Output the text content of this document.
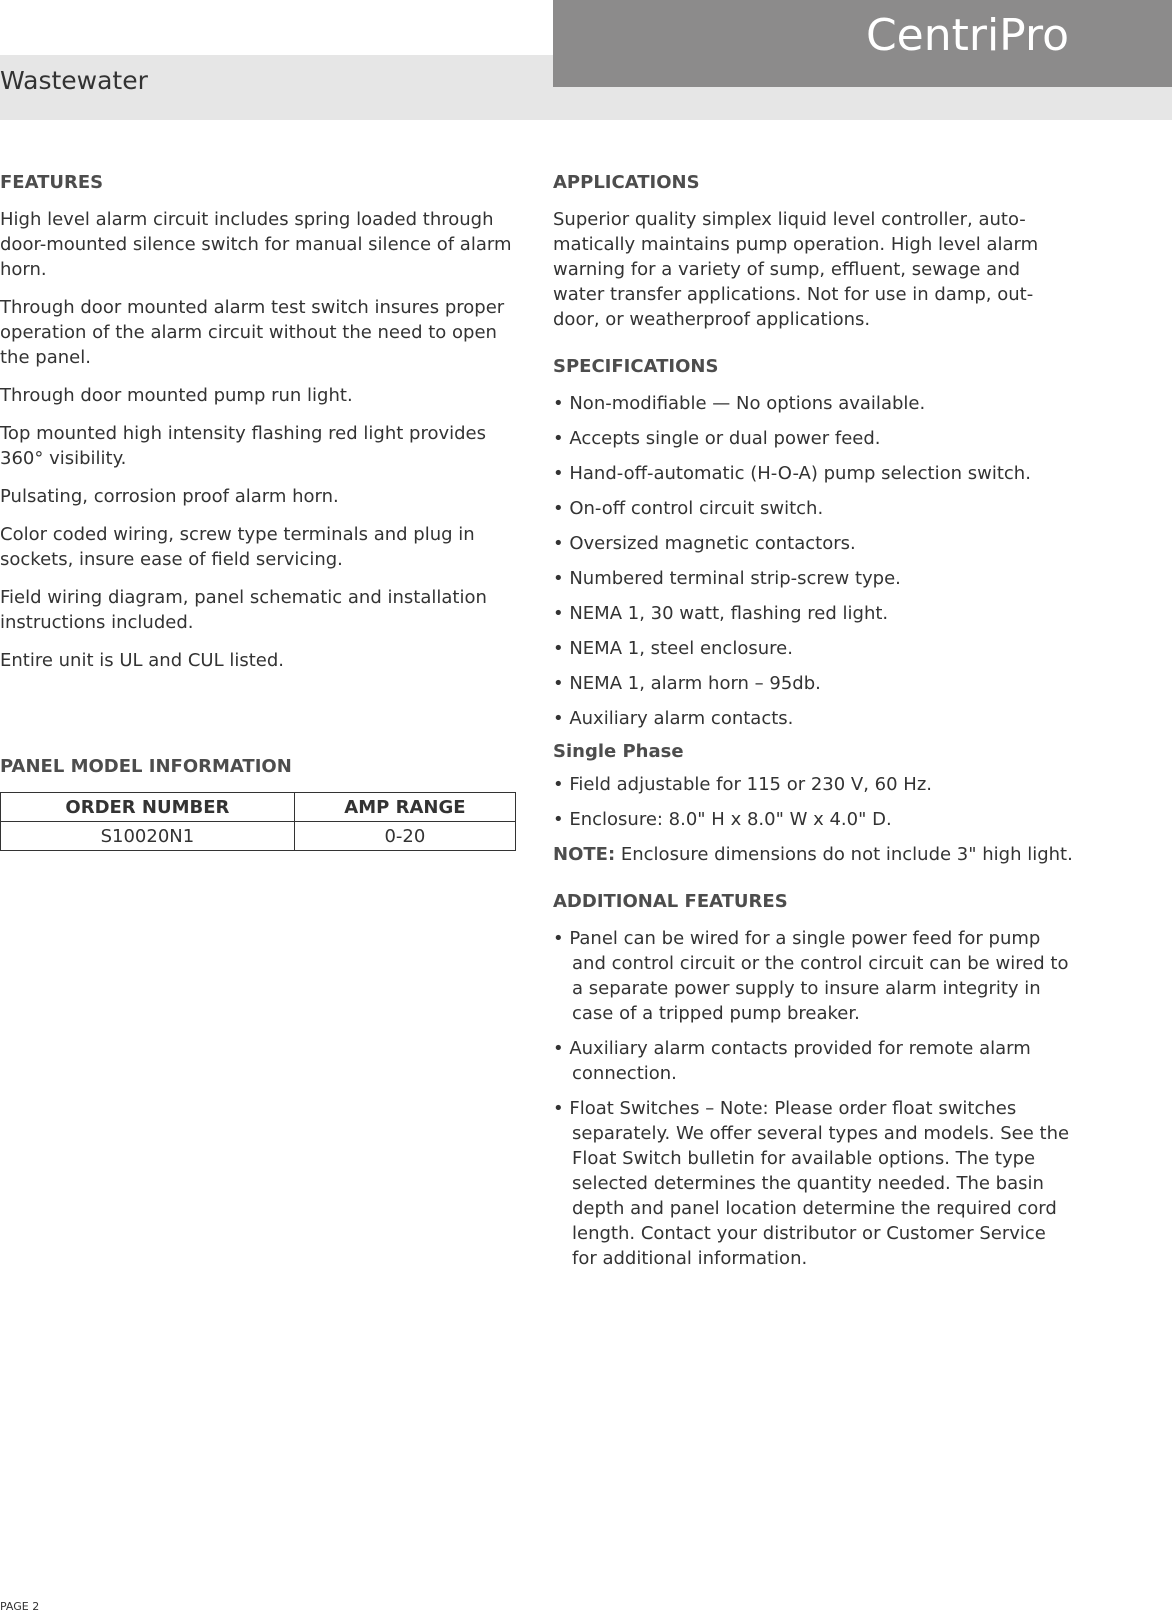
Wastewater
CentriPro
FEATURES

High level alarm circuit includes spring loaded through door-mounted silence switch for manual silence of alarm horn.

Through door mounted alarm test switch insures proper operation of the alarm circuit without the need to open the panel.

Through door mounted pump run light.

Top mounted high intensity flashing red light provides 360° visibility.

Pulsating, corrosion proof alarm horn.

Color coded wiring, screw type terminals and plug in sockets, insure ease of field servicing.

Field wiring diagram, panel schematic and installation instructions included.

Entire unit is UL and CUL listed.

PANEL MODEL INFORMATION
ORDER NUMBER	AMP RANGE
S10020N1	0-20
APPLICATIONS

Superior quality simplex liquid level controller, auto-matically maintains pump operation. High level alarm warning for a variety of sump, effluent, sewage and water transfer applications. Not for use in damp, out-door, or weatherproof applications.

SPECIFICATIONS
• Non-modifiable — No options available.
• Accepts single or dual power feed.
• Hand-off-automatic (H-O-A) pump selection switch.
• On-off control circuit switch.
• Oversized magnetic contactors.
• Numbered terminal strip-screw type.
• NEMA 1, 30 watt, flashing red light.
• NEMA 1, steel enclosure.
• NEMA 1, alarm horn – 95db.
• Auxiliary alarm contacts.
Single Phase
• Field adjustable for 115 or 230 V, 60 Hz.
• Enclosure: 8.0" H x 8.0" W x 4.0" D.
NOTE: Enclosure dimensions do not include 3" high light.
ADDITIONAL FEATURES
• Panel can be wired for a single power feed for pump and control circuit or the control circuit can be wired to a separate power supply to insure alarm integrity in case of a tripped pump breaker.
• Auxiliary alarm contacts provided for remote alarm connection.
• Float Switches – Note: Please order float switches separately. We offer several types and models. See the Float Switch bulletin for available options. The type selected determines the quantity needed. The basin depth and panel location determine the required cord length. Contact your distributor or Customer Service for additional information.
PAGE 2
